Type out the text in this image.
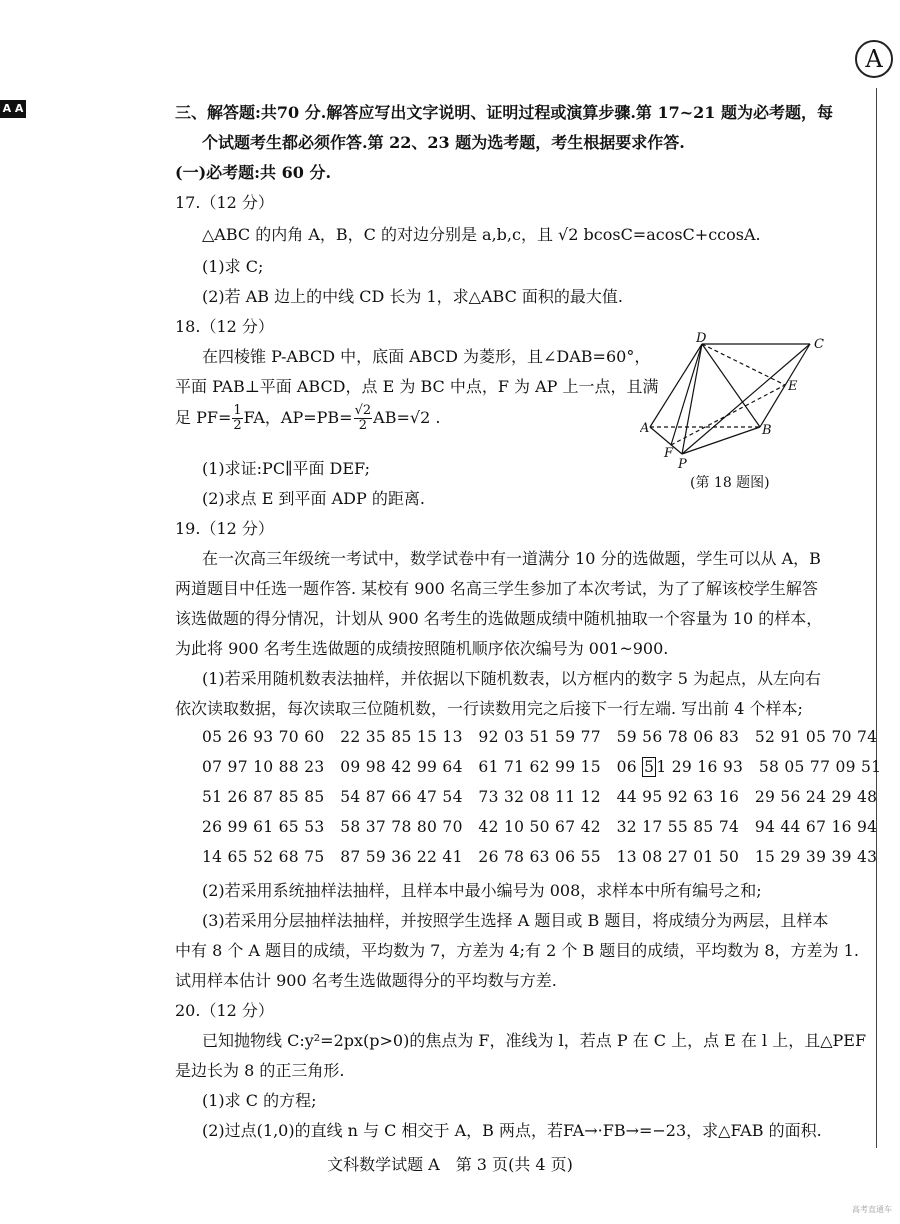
A
A A	三、解答题:共70 分.解答应写出文字说明、证明过程或演算步骤.第 17~21 题为必考题，每
个试题考生都必须作答.第 22、23 题为选考题，考生根据要求作答.
(一)必考题:共 60 分.
17.（12 分）
△ABC 的内角 A，B，C 的对边分别是 a,b,c，且 √2 bcosC=acosC+ccosA.
(1)求 C;
(2)若 AB 边上的中线 CD 长为 1，求△ABC 面积的最大值.
18.（12 分）
在四棱锥 P-ABCD 中，底面 ABCD 为菱形，且∠DAB=60°，
平面 PAB⊥平面 ABCD，点 E 为 BC 中点，F 为 AP 上一点，且满
足 $PF= \frac{1}{2}$ FA，$AP=PB= \frac{√2}{2} AB=√2$ .
(1)求证:PC∥平面 DEF;
(2)求点 E 到平面 ADP 的距离.
D	C
E
A	B
F
P
(第 18 题图)
19.（12 分）
在一次高三年级统一考试中，数学试卷中有一道满分 10 分的选做题，学生可以从 A，B
两道题目中任选一题作答. 某校有 900 名高三学生参加了本次考试，为了了解该校学生解答
该选做题的得分情况，计划从 900 名考生的选做题成绩中随机抽取一个容量为 10 的样本，
为此将 900 名考生选做题的成绩按照随机顺序依次编号为 001~900.
(1)若采用随机数表法抽样，并依据以下随机数表，以方框内的数字 5 为起点，从左向右
依次读取数据，每次读取三位随机数，一行读数用完之后接下一行左端. 写出前 4 个样本;
05 26 93 70 60   22 35 85 15 13   92 03 51 59 77   59 56 78 06 83   52 91 05 70 74
07 97 10 88 23   09 98 42 99 64   61 71 62 99 15   06 5 1 29 16 93   58 05 77 09 51
51 26 87 85 85   54 87 66 47 54   73 32 08 11 12   44 95 92 63 16   29 56 24 29 48
26 99 61 65 53   58 37 78 80 70   42 10 50 67 42   32 17 55 85 74   94 44 67 16 94
14 65 52 68 75   87 59 36 22 41   26 78 63 06 55   13 08 27 01 50   15 29 39 39 43
(2)若采用系统抽样法抽样，且样本中最小编号为 008，求样本中所有编号之和;
(3)若采用分层抽样法抽样，并按照学生选择 A 题目或 B 题目，将成绩分为两层，且样本
中有 8 个 A 题目的成绩，平均数为 7，方差为 4;有 2 个 B 题目的成绩，平均数为 8，方差为 1.
试用样本估计 900 名考生选做题得分的平均数与方差.
20.（12 分）
已知抛物线 C:y²=2px(p>0)的焦点为 F，准线为 l，若点 P 在 C 上，点 E 在 l 上，且△PEF
是边长为 8 的正三角形.
(1)求 C 的方程;
(2)过点(1,0)的直线 n 与 C 相交于 A，B 两点，若FA→·FB→=−23，求△FAB 的面积.
文科数学试题 A　第 3 页(共 4 页)
高考直通车
